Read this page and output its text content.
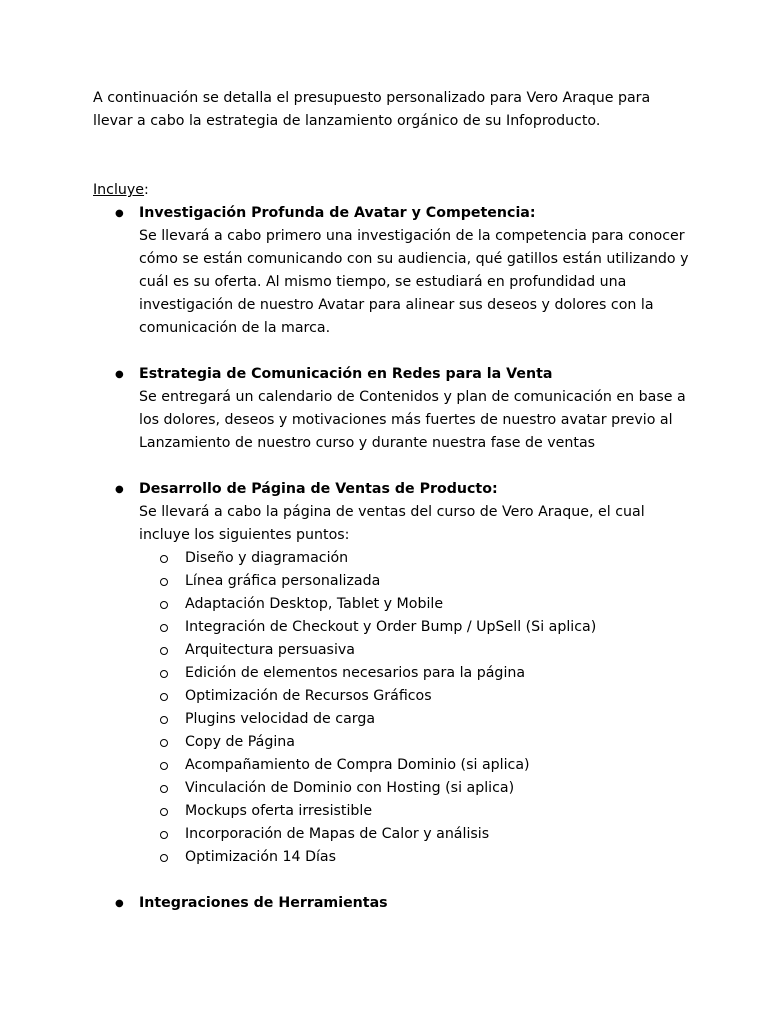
A continuación se detalla el presupuesto personalizado para Vero Araque para llevar a cabo la estrategia de lanzamiento orgánico de su Infoproducto.

Incluye:

● Investigación Profunda de Avatar y Competencia:
Se llevará a cabo primero una investigación de la competencia para conocer cómo se están comunicando con su audiencia, qué gatillos están utilizando y cuál es su oferta. Al mismo tiempo, se estudiará en profundidad una investigación de nuestro Avatar para alinear sus deseos y dolores con la comunicación de la marca.
● Estrategia de Comunicación en Redes para la Venta
Se entregará un calendario de Contenidos y plan de comunicación en base a los dolores, deseos y motivaciones más fuertes de nuestro avatar previo al Lanzamiento de nuestro curso y durante nuestra fase de ventas
● Desarrollo de Página de Ventas de Producto:
Se llevará a cabo la página de ventas del curso de Vero Araque, el cual incluye los siguientes puntos:
Diseño y diagramación
Línea gráfica personalizada
Adaptación Desktop, Tablet y Mobile
Integración de Checkout y Order Bump / UpSell (Si aplica)
Arquitectura persuasiva
Edición de elementos necesarios para la página
Optimización de Recursos Gráficos
Plugins velocidad de carga
Copy de Página
Acompañamiento de Compra Dominio (si aplica)
Vinculación de Dominio con Hosting (si aplica)
Mockups oferta irresistible
Incorporación de Mapas de Calor y análisis
Optimización 14 Días
● Integraciones de Herramientas
